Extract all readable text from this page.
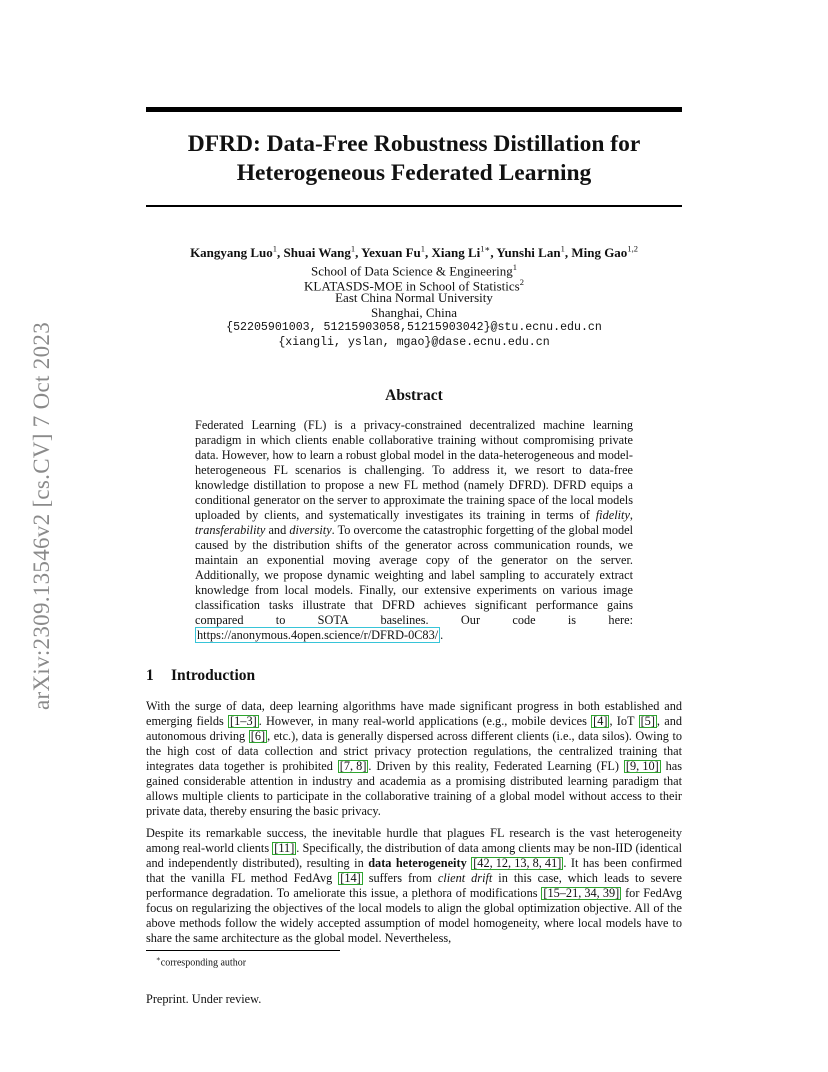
arXiv:2309.13546v2 [cs.CV] 7 Oct 2023
DFRD: Data-Free Robustness Distillation for
Heterogeneous Federated Learning
Kangyang Luo$^1$, Shuai Wang$^1$, Yexuan Fu$^1$, Xiang $Li^{1∗}$, Yunshi Lan$^1$, Ming Gao$^{1,2}$
School of Data Science & Engineering$^1$
KLATASDS-MOE in School of Statistics$^2$
East China Normal University
Shanghai, China
{52205901003, 51215903058,51215903042}@stu.ecnu.edu.cn
{xiangli, yslan, mgao}@dase.ecnu.edu.cn
Abstract
Federated Learning (FL) is a privacy-constrained decentralized machine learning paradigm in which clients enable collaborative training without compromising private data. However, how to learn a robust global model in the data-heterogeneous and model-heterogeneous FL scenarios is challenging. To address it, we resort to data-free knowledge distillation to propose a new FL method (namely DFRD). DFRD equips a conditional generator on the server to approximate the training space of the local models uploaded by clients, and systematically investigates its training in terms of fidelity, transferability and diversity. To overcome the catastrophic forgetting of the global model caused by the distribution shifts of the generator across communication rounds, we maintain an exponential moving average copy of the generator on the server. Additionally, we propose dynamic weighting and label sampling to accurately extract knowledge from local models. Finally, our extensive experiments on various image classification tasks illustrate that DFRD achieves significant performance gains compared to SOTA baselines. Our code is here: https://anonymous.4open.science/r/DFRD-0C83/ .
1 Introduction
With the surge of data, deep learning algorithms have made significant progress in both established and emerging fields [1–3] . However, in many real-world applications (e.g., mobile devices [4] , IoT [5] , and autonomous driving [6] , etc.), data is generally dispersed across different clients (i.e., data silos). Owing to the high cost of data collection and strict privacy protection regulations, the centralized training that integrates data together is prohibited [7, 8] . Driven by this reality, Federated Learning (FL) [9, 10] has gained considerable attention in industry and academia as a promising distributed learning paradigm that allows multiple clients to participate in the collaborative training of a global model without access to their private data, thereby ensuring the basic privacy.
Despite its remarkable success, the inevitable hurdle that plagues FL research is the vast heterogeneity among real-world clients [11] . Specifically, the distribution of data among clients may be non-IID (identical and independently distributed), resulting in data heterogeneity [42, 12, 13, 8, 41] . It has been confirmed that the vanilla FL method FedAvg [14] suffers from client drift in this case, which leads to severe performance degradation. To ameliorate this issue, a plethora of modifications [15–21, 34, 39] for FedAvg focus on regularizing the objectives of the local models to align the global optimization objective. All of the above methods follow the widely accepted assumption of model homogeneity, where local models have to share the same architecture as the global model. Nevertheless,
∗corresponding author
Preprint. Under review.
